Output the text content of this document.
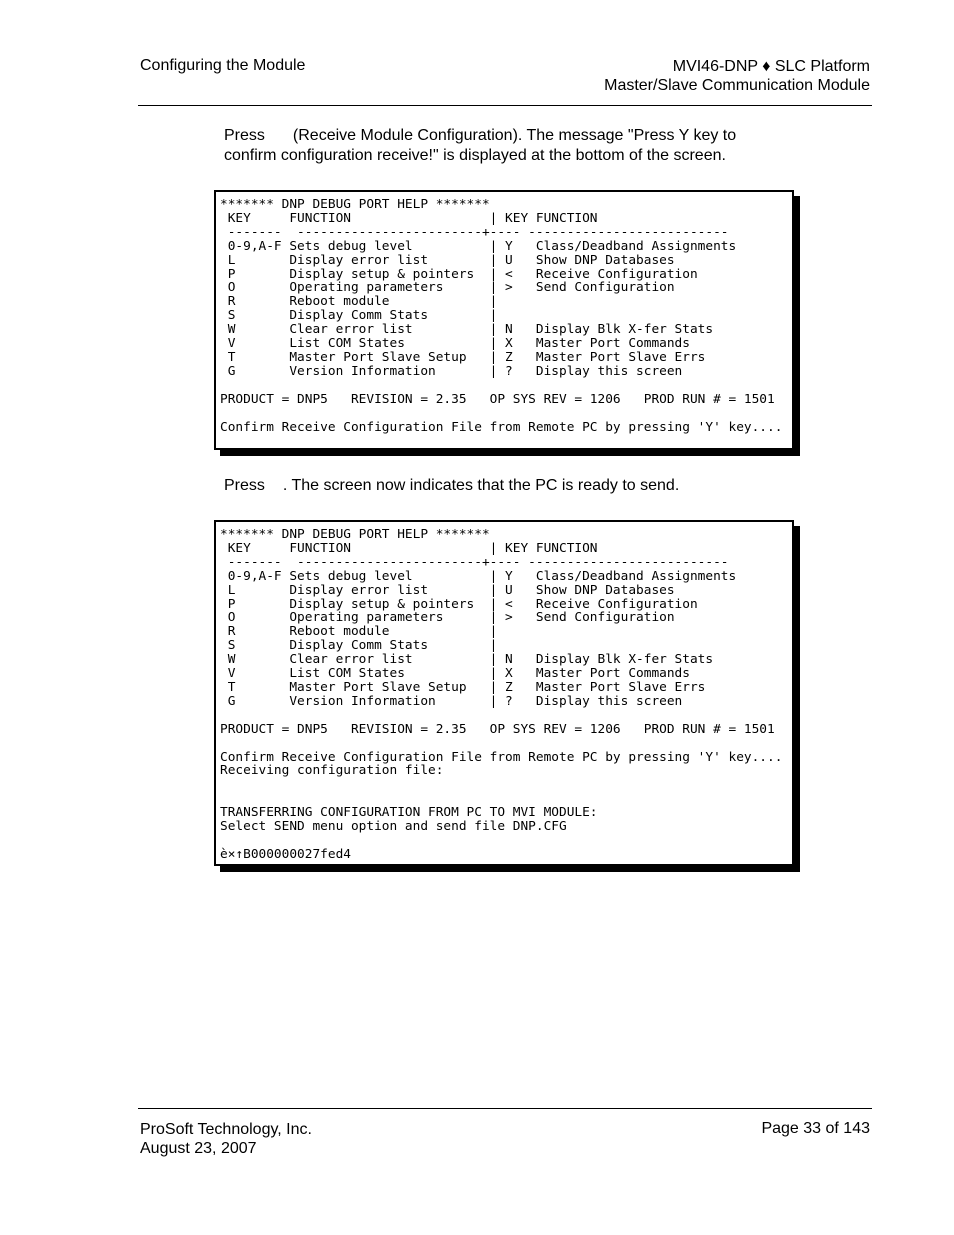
Configuring the Module	MVI46-DNP ♦ SLC Platform
Master/Slave Communication Module
Press (Receive Module Configuration). The message "Press Y key to
confirm configuration receive!" is displayed at the bottom of the screen.
******* DNP DEBUG PORT HELP *******
KEY     FUNCTION                  | KEY FUNCTION
-------  ------------------------+---- --------------------------
0-9,A-F Sets debug level          | Y   Class/Deadband Assignments
L       Display error list        | U   Show DNP Databases
P       Display setup & pointers  | <   Receive Configuration
O       Operating parameters      | >   Send Configuration
R       Reboot module             |
S       Display Comm Stats        |
W       Clear error list          | N   Display Blk X-fer Stats
V       List COM States           | X   Master Port Commands
T       Master Port Slave Setup   | Z   Master Port Slave Errs
G       Version Information       | ?   Display this screen

PRODUCT = DNP5   REVISION = 2.35   OP SYS REV = 1206   PROD RUN # = 1501

Confirm Receive Configuration File from Remote PC by pressing 'Y' key....
Press . The screen now indicates that the PC is ready to send.
******* DNP DEBUG PORT HELP *******
KEY     FUNCTION                  | KEY FUNCTION
-------  ------------------------+---- --------------------------
0-9,A-F Sets debug level          | Y   Class/Deadband Assignments
L       Display error list        | U   Show DNP Databases
P       Display setup & pointers  | <   Receive Configuration
O       Operating parameters      | >   Send Configuration
R       Reboot module             |
S       Display Comm Stats        |
W       Clear error list          | N   Display Blk X-fer Stats
V       List COM States           | X   Master Port Commands
T       Master Port Slave Setup   | Z   Master Port Slave Errs
G       Version Information       | ?   Display this screen

PRODUCT = DNP5   REVISION = 2.35   OP SYS REV = 1206   PROD RUN # = 1501

Confirm Receive Configuration File from Remote PC by pressing 'Y' key....
Receiving configuration file:

TRANSFERRING CONFIGURATION FROM PC TO MVI MODULE:
Select SEND menu option and send file DNP.CFG

è×↑B000000027fed4
ProSoft Technology, Inc.
August 23, 2007
Page 33 of 143
